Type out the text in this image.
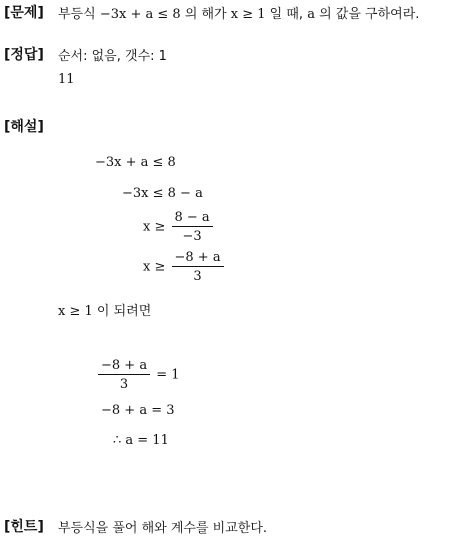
[문제] 부등식 −3x + a ≤ 8 의 해가 x ≥ 1 일 때, a 의 값을 구하여라.
[정답] 순서: 없음, 갯수: 1
11
[해설]
−3x + a ≤ 8
−3x ≤ 8 − a
$x \ge \frac{8 - a}{-3}$
$x \ge \frac{-8 + a}{3}$
x ≥ 1 이 되려면
$\frac{-8 + a}{3} = 1$
−8 + a = 3
∴ a = 11
[힌트] 부등식을 풀어 해와 계수를 비교한다.
